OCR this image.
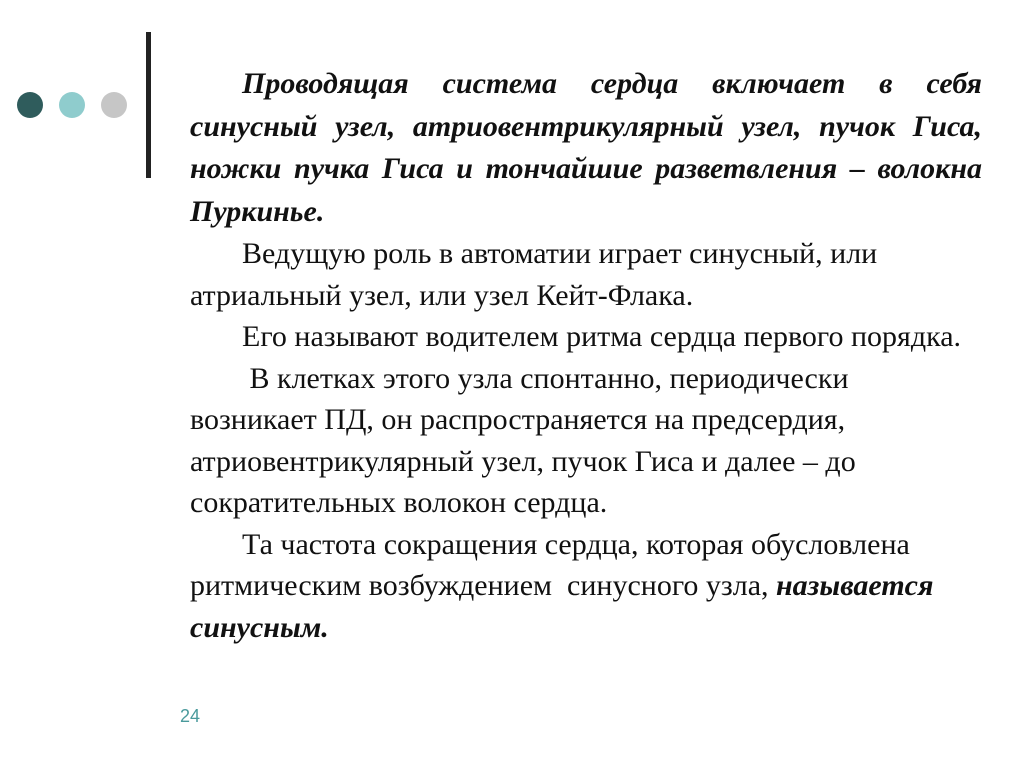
Проводящая система сердца включает в себя синусный узел, атриовентрикулярный узел, пучок Гиса, ножки пучка Гиса и тончайшие разветвления – волокна Пуркинье.

Ведущую роль в автоматии играет синусный, или атриальный узел, или узел Кейт-Флака.

Его называют водителем ритма сердца первого порядка.

В клетках этого узла спонтанно, периодически возникает ПД, он распространяется на предсердия, атриовентрикулярный узел, пучок Гиса и далее – до сократительных волокон сердца.

Та частота сокращения сердца, которая обусловлена ритмическим возбуждением  синусного узла, называется синусным.

24
